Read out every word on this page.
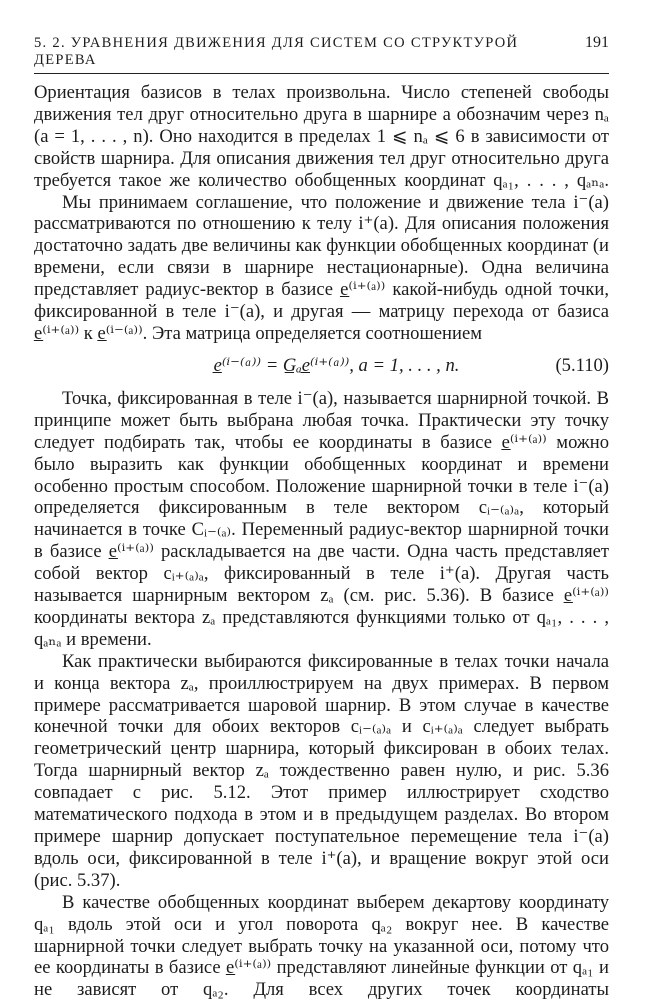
5. 2. УРАВНЕНИЯ ДВИЖЕНИЯ ДЛЯ СИСТЕМ СО СТРУКТУРОЙ ДЕРЕВА
191

Ориентация базисов в телах произвольна. Число степеней свободы движения тел друг относительно друга в шарнире a обозначим через nₐ (a = 1, . . . , n). Оно находится в пределах 1 ⩽ nₐ ⩽ 6 в зависимости от свойств шарнира. Для описания движения тел друг относительно друга требуется такое же количество обобщенных координат qₐ₁, . . . , qₐₙₐ.

Мы принимаем соглашение, что положение и движение тела i⁻(a) рассматриваются по отношению к телу i⁺(a). Для описания положения достаточно задать две величины как функции обобщенных координат (и времени, если связи в шарнире нестационарные). Одна величина представляет радиус-вектор в базисе e̲⁽ⁱ⁺⁽ᵃ⁾⁾ какой-нибудь одной точки, фиксированной в теле i⁻(a), и другая — матрицу перехода от базиса e̲⁽ⁱ⁺⁽ᵃ⁾⁾ к e̲⁽ⁱ⁻⁽ᵃ⁾⁾. Эта матрица определяется соотношением

e̲⁽ⁱ⁻⁽ᵃ⁾⁾ = G̲ₐe̲⁽ⁱ⁺⁽ᵃ⁾⁾, a = 1, . . . , n.	(5.110)

Точка, фиксированная в теле i⁻(a), называется шарнирной точкой. В принципе может быть выбрана любая точка. Практически эту точку следует подбирать так, чтобы ее координаты в базисе e̲⁽ⁱ⁺⁽ᵃ⁾⁾ можно было выразить как функции обобщенных координат и времени особенно простым способом. Положение шарнирной точки в теле i⁻(a) определяется фиксированным в теле вектором cᵢ₋₍ₐ₎ₐ, который начинается в точке Cᵢ₋₍ₐ₎. Переменный радиус-вектор шарнирной точки в базисе e̲⁽ⁱ⁺⁽ᵃ⁾⁾ раскладывается на две части. Одна часть представляет собой вектор cᵢ₊₍ₐ₎ₐ, фиксированный в теле i⁺(a). Другая часть называется шарнирным вектором zₐ (см. рис. 5.36). В базисе e̲⁽ⁱ⁺⁽ᵃ⁾⁾ координаты вектора zₐ представляются функциями только от qₐ₁, . . . , qₐₙₐ и времени.

Как практически выбираются фиксированные в телах точки начала и конца вектора zₐ, проиллюстрируем на двух примерах. В первом примере рассматривается шаровой шарнир. В этом случае в качестве конечной точки для обоих векторов cᵢ₋₍ₐ₎ₐ и cᵢ₊₍ₐ₎ₐ следует выбрать геометрический центр шарнира, который фиксирован в обоих телах. Тогда шарнирный вектор zₐ тождественно равен нулю, и рис. 5.36 совпадает с рис. 5.12. Этот пример иллюстрирует сходство математического подхода в этом и в предыдущем разделах. Во втором примере шарнир допускает поступательное перемещение тела i⁻(a) вдоль оси, фиксированной в теле i⁺(a), и вращение вокруг этой оси (рис. 5.37).

В качестве обобщенных координат выберем декартову координату qₐ₁ вдоль этой оси и угол поворота qₐ₂ вокруг нее. В качестве шарнирной точки следует выбрать точку на указанной оси, потому что ее координаты в базисе e̲⁽ⁱ⁺⁽ᵃ⁾⁾ представляют линейные функции от qₐ₁ и не зависят от qₐ₂. Для всех других точек координаты
